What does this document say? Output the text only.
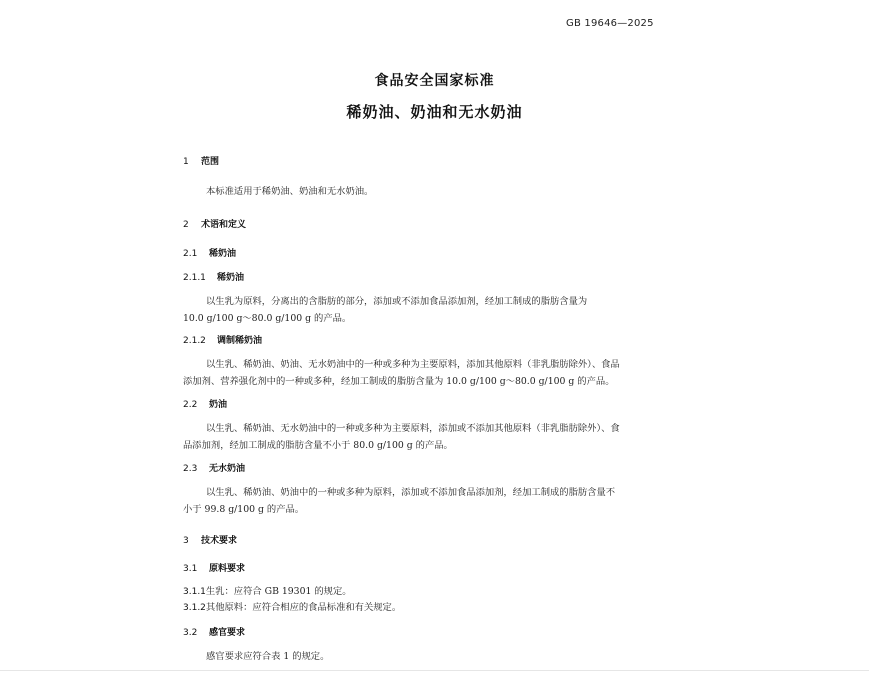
GB 19646—2025
食品安全国家标准
稀奶油、奶油和无水奶油
1 范围
本标准适用于稀奶油、奶油和无水奶油。
2 术语和定义
2.1 稀奶油
2.1.1 稀奶油
以生乳为原料，分离出的含脂肪的部分，添加或不添加食品添加剂，经加工制成的脂肪含量为
10.0 g/100 g～80.0 g/100 g 的产品。
2.1.2 调制稀奶油
以生乳、稀奶油、奶油、无水奶油中的一种或多种为主要原料，添加其他原料（非乳脂肪除外）、食品
添加剂、营养强化剂中的一种或多种，经加工制成的脂肪含量为 10.0 g/100 g～80.0 g/100 g 的产品。
2.2 奶油
以生乳、稀奶油、无水奶油中的一种或多种为主要原料，添加或不添加其他原料（非乳脂肪除外）、食
品添加剂，经加工制成的脂肪含量不小于 80.0 g/100 g 的产品。
2.3 无水奶油
以生乳、稀奶油、奶油中的一种或多种为原料，添加或不添加食品添加剂，经加工制成的脂肪含量不
小于 99.8 g/100 g 的产品。
3 技术要求
3.1 原料要求
3.1.1生乳：应符合 GB 19301 的规定。
3.1.2其他原料：应符合相应的食品标准和有关规定。
3.2 感官要求
感官要求应符合表 1 的规定。
